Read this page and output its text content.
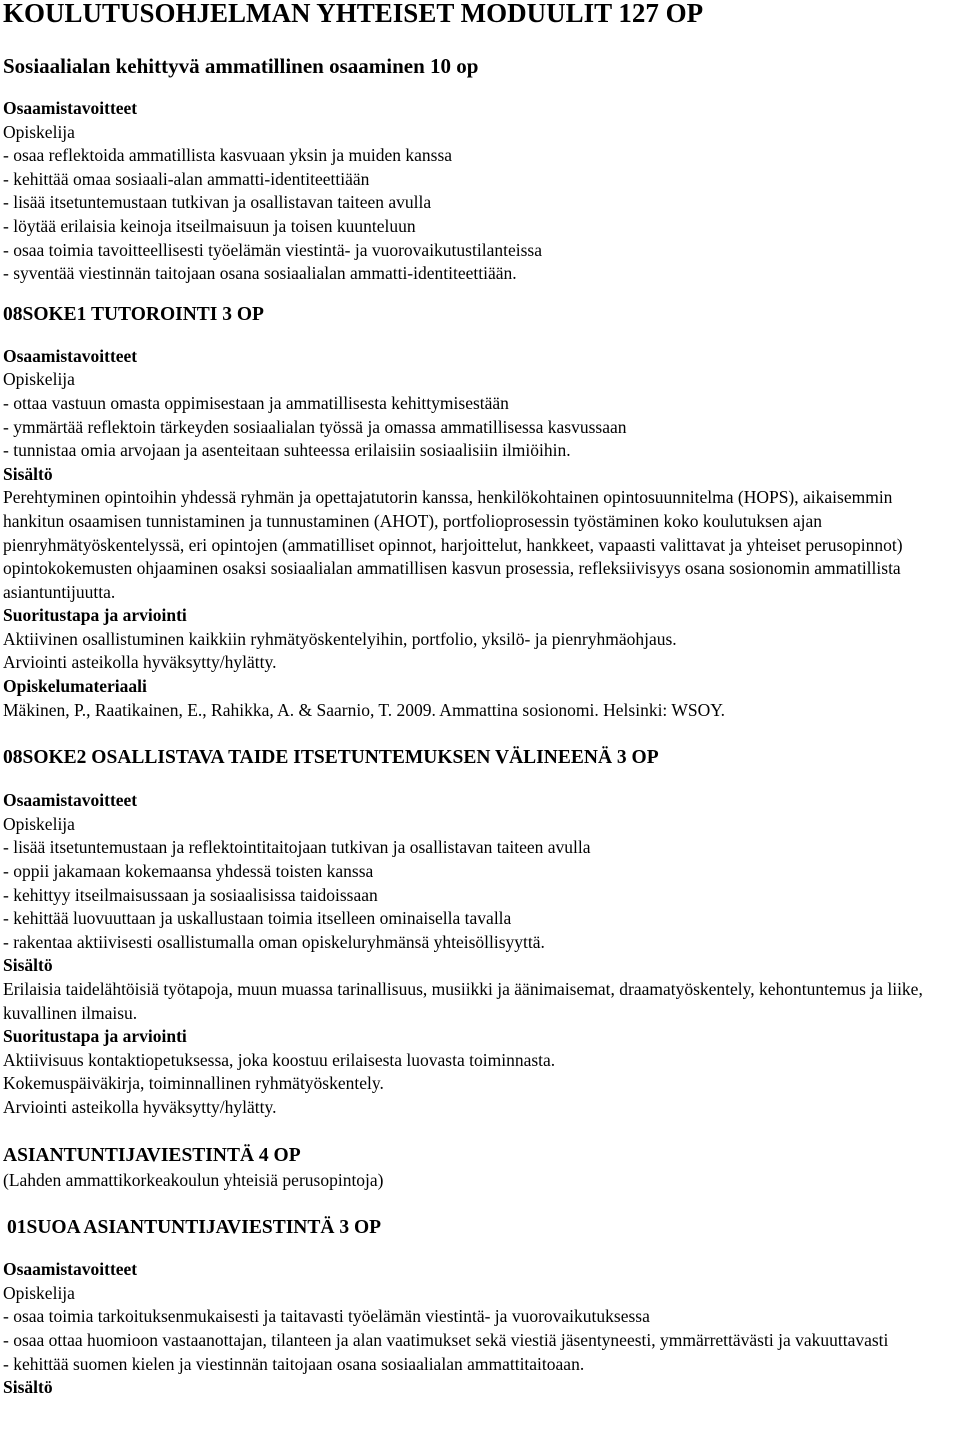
KOULUTUSOHJELMAN YHTEISET MODUULIT 127 OP
Sosiaalialan kehittyvä ammatillinen osaaminen 10 op
Osaamistavoitteet
Opiskelija
- osaa reflektoida ammatillista kasvuaan yksin ja muiden kanssa
- kehittää omaa sosiaali-alan ammatti-identiteettiään
- lisää itsetuntemustaan tutkivan ja osallistavan taiteen avulla
- löytää erilaisia keinoja itseilmaisuun ja toisen kuunteluun
- osaa toimia tavoitteellisesti työelämän viestintä- ja vuorovaikutustilanteissa
- syventää viestinnän taitojaan osana sosiaalialan ammatti-identiteettiään.
08SOKE1 TUTOROINTI 3 OP
Osaamistavoitteet
Opiskelija
- ottaa vastuun omasta oppimisestaan ja ammatillisesta kehittymisestään
- ymmärtää reflektoin tärkeyden sosiaalialan työssä ja omassa ammatillisessa kasvussaan
- tunnistaa omia arvojaan ja asenteitaan suhteessa erilaisiin sosiaalisiin ilmiöihin.
Sisältö
Perehtyminen opintoihin yhdessä ryhmän ja opettajatutorin kanssa, henkilökohtainen opintosuunnitelma (HOPS), aikaisemmin hankitun osaamisen tunnistaminen ja tunnustaminen (AHOT), portfolioprosessin työstäminen koko koulutuksen ajan pienryhmätyöskentelyssä, eri opintojen (ammatilliset opinnot, harjoittelut, hankkeet, vapaasti valittavat ja yhteiset perusopinnot) opintokokemusten ohjaaminen osaksi sosiaalialan ammatillisen kasvun prosessia, refleksiivisyys osana sosionomin ammatillista asiantuntijuutta.
Suoritustapa ja arviointi
Aktiivinen osallistuminen kaikkiin ryhmätyöskentelyihin, portfolio, yksilö- ja pienryhmäohjaus.
Arviointi asteikolla hyväksytty/hylätty.
Opiskelumateriaali
Mäkinen, P., Raatikainen, E., Rahikka, A. & Saarnio, T. 2009. Ammattina sosionomi. Helsinki: WSOY.
08SOKE2 OSALLISTAVA TAIDE ITSETUNTEMUKSEN VÄLINEENÄ 3 OP
Osaamistavoitteet
Opiskelija
- lisää itsetuntemustaan ja reflektointitaitojaan tutkivan ja osallistavan taiteen avulla
- oppii jakamaan kokemaansa yhdessä toisten kanssa
- kehittyy itseilmaisussaan ja sosiaalisissa taidoissaan
- kehittää luovuuttaan ja uskallustaan toimia itselleen ominaisella tavalla
- rakentaa aktiivisesti osallistumalla oman opiskeluryhmänsä yhteisöllisyyttä.
Sisältö
Erilaisia taidelähtöisiä työtapoja, muun muassa tarinallisuus, musiikki ja äänimaisemat, draamatyöskentely, kehontuntemus ja liike, kuvallinen ilmaisu.
Suoritustapa ja arviointi
Aktiivisuus kontaktiopetuksessa, joka koostuu erilaisesta luovasta toiminnasta.
Kokemuspäiväkirja, toiminnallinen ryhmätyöskentely.
Arviointi asteikolla hyväksytty/hylätty.
ASIANTUNTIJAVIESTINTÄ 4 OP
(Lahden ammattikorkeakoulun yhteisiä perusopintoja)
01SUOA ASIANTUNTIJAVIESTINTÄ 3 OP
Osaamistavoitteet
Opiskelija
- osaa toimia tarkoituksenmukaisesti ja taitavasti työelämän viestintä- ja vuorovaikutuksessa
- osaa ottaa huomioon vastaanottajan, tilanteen ja alan vaatimukset sekä viestiä jäsentyneesti, ymmärrettävästi ja vakuuttavasti
- kehittää suomen kielen ja viestinnän taitojaan osana sosiaalialan ammattitaitoaan.
Sisältö
